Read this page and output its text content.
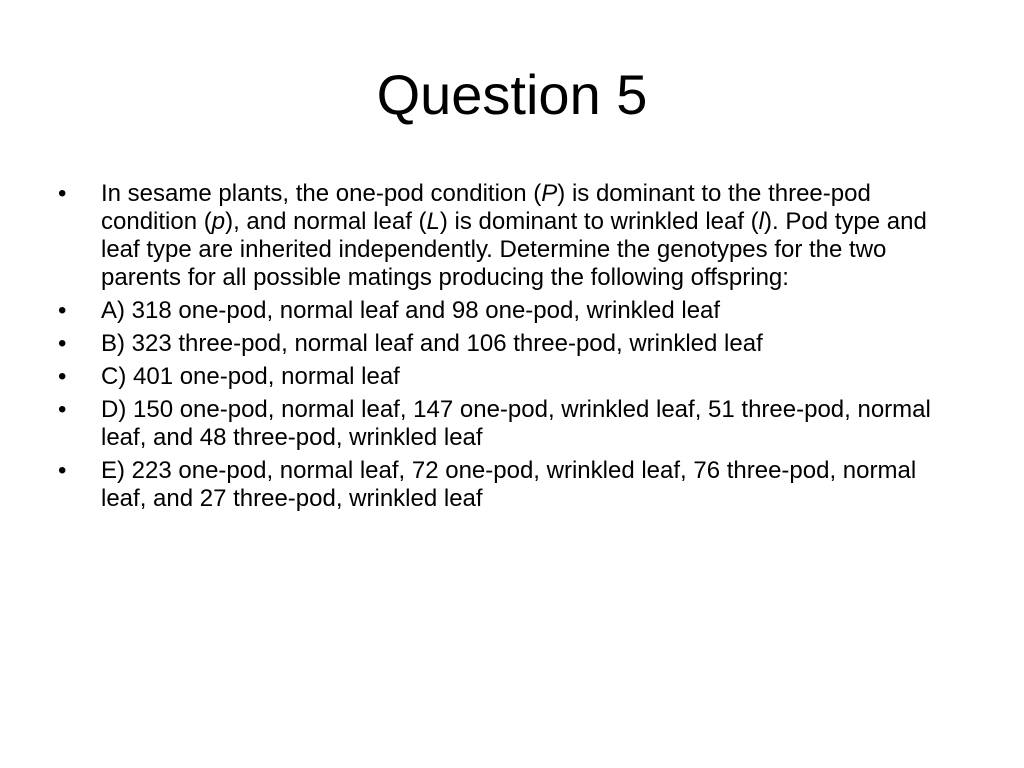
Question 5
•	In sesame plants, the one-pod condition (P) is dominant to the three-pod condition (p), and normal leaf (L) is dominant to wrinkled leaf (l). Pod type and leaf type are inherited independently. Determine the genotypes for the two parents for all possible matings producing the following offspring:
•	A) 318 one-pod, normal leaf and 98 one-pod, wrinkled leaf
•	B) 323 three-pod, normal leaf and 106 three-pod, wrinkled leaf
•	C) 401 one-pod, normal leaf
•	D) 150 one-pod, normal leaf, 147 one-pod, wrinkled leaf, 51 three-pod, normal leaf, and 48 three-pod, wrinkled leaf
•	E) 223 one-pod, normal leaf, 72 one-pod, wrinkled leaf, 76 three-pod, normal leaf, and 27 three-pod, wrinkled leaf
